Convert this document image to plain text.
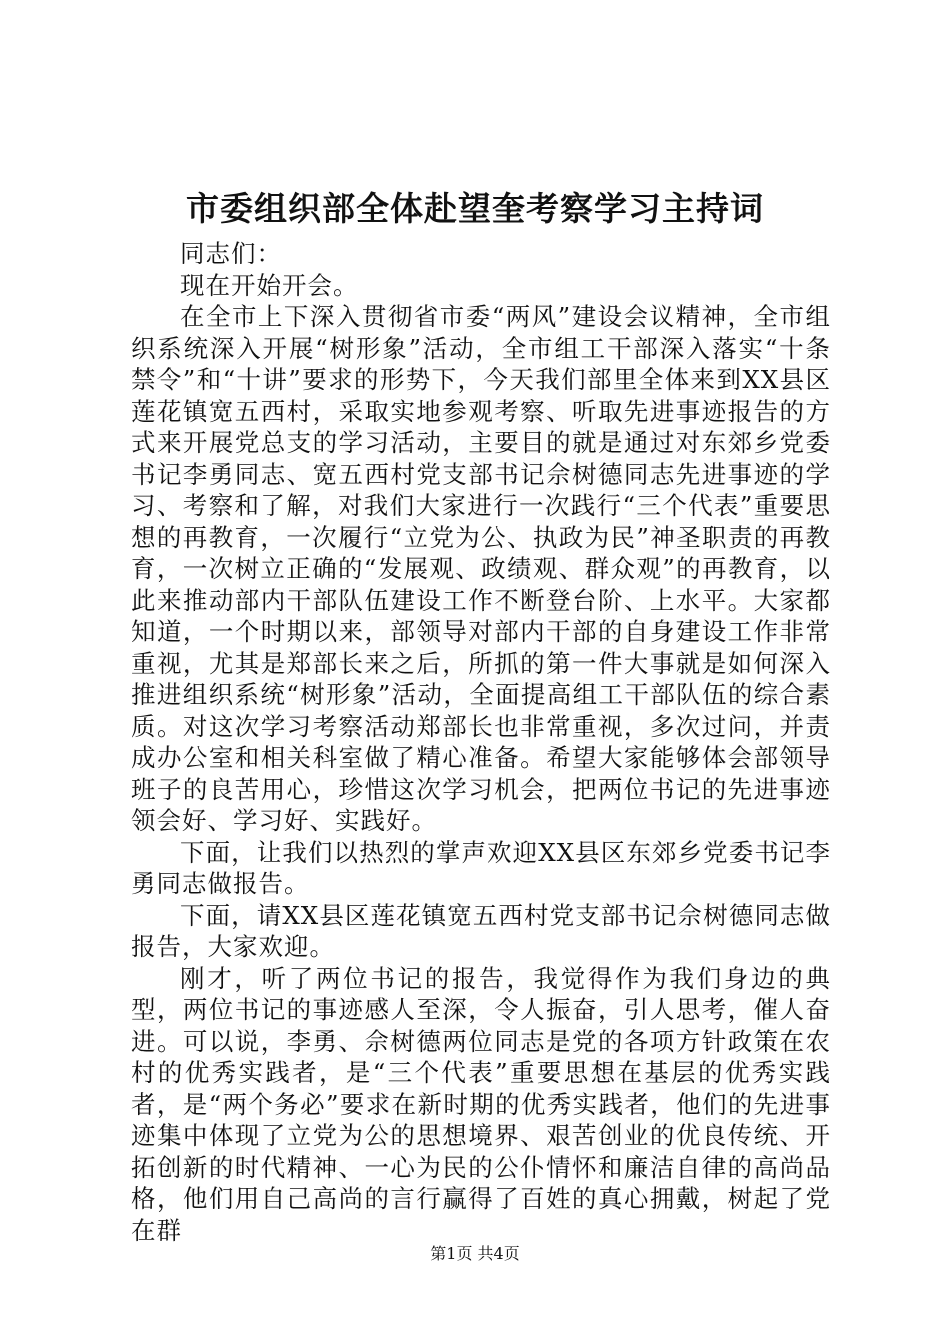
市委组织部全体赴望奎考察学习主持词

同志们：

现在开始开会。

在全市上下深入贯彻省市委“两风”建设会议精神，全市组织系统深入开展“树形象”活动，全市组工干部深入落实“十条禁令”和“十讲”要求的形势下，今天我们部里全体来到XX县区莲花镇宽五西村，采取实地参观考察、听取先进事迹报告的方式来开展党总支的学习活动，主要目的就是通过对东郊乡党委书记李勇同志、宽五西村党支部书记佘树德同志先进事迹的学习、考察和了解，对我们大家进行一次践行“三个代表”重要思想的再教育，一次履行“立党为公、执政为民”神圣职责的再教育，一次树立正确的“发展观、政绩观、群众观”的再教育，以此来推动部内干部队伍建设工作不断登台阶、上水平。大家都知道，一个时期以来，部领导对部内干部的自身建设工作非常重视，尤其是郑部长来之后，所抓的第一件大事就是如何深入推进组织系统“树形象”活动，全面提高组工干部队伍的综合素质。对这次学习考察活动郑部长也非常重视，多次过问，并责成办公室和相关科室做了精心准备。希望大家能够体会部领导班子的良苦用心，珍惜这次学习机会，把两位书记的先进事迹领会好、学习好、实践好。

下面，让我们以热烈的掌声欢迎XX县区东郊乡党委书记李勇同志做报告。

下面，请XX县区莲花镇宽五西村党支部书记佘树德同志做报告，大家欢迎。

刚才，听了两位书记的报告，我觉得作为我们身边的典型，两位书记的事迹感人至深，令人振奋，引人思考，催人奋进。可以说，李勇、佘树德两位同志是党的各项方针政策在农村的优秀实践者，是“三个代表”重要思想在基层的优秀实践者，是“两个务必”要求在新时期的优秀实践者，他们的先进事迹集中体现了立党为公的思想境界、艰苦创业的优良传统、开拓创新的时代精神、一心为民的公仆情怀和廉洁自律的高尚品格，他们用自己高尚的言行赢得了百姓的真心拥戴，树起了党在群

第1页 共4页
